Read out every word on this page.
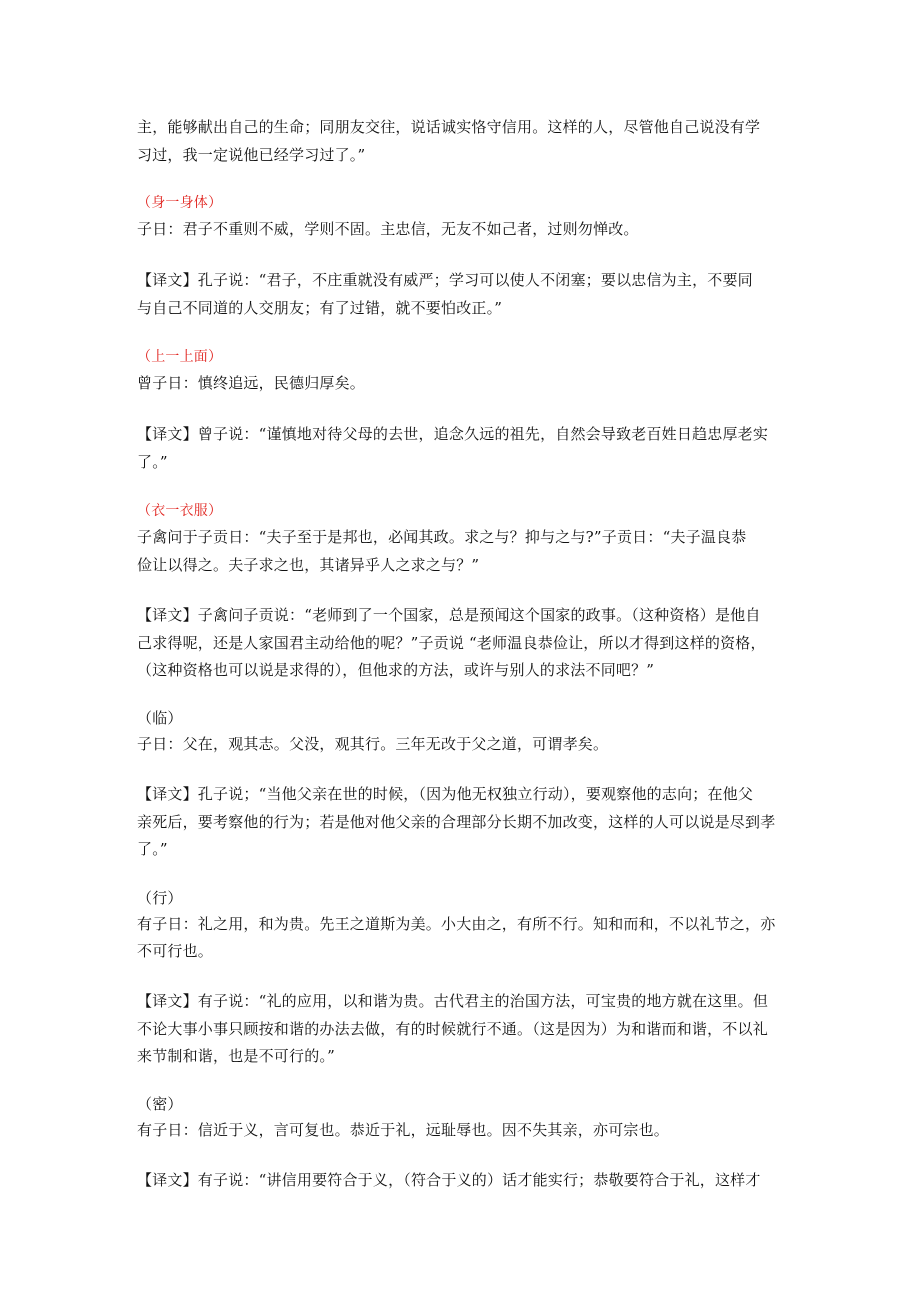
主，能够献出自己的生命；同朋友交往，说话诚实恪守信用。这样的人，尽管他自己说没有学
习过，我一定说他已经学习过了。”
（身一身体）
子日：君子不重则不威，学则不固。主忠信，无友不如己者，过则勿惮改。
【译文】孔子说：“君子，不庄重就没有威严；学习可以使人不闭塞；要以忠信为主，不要同
与自己不同道的人交朋友；有了过错，就不要怕改正。”
（上一上面）
曾子日：慎终追远，民德归厚矣。
【译文】曾子说：“谨慎地对待父母的去世，追念久远的祖先，自然会导致老百姓日趋忠厚老实
了。”
（衣一衣服）
子禽问于子贡日：“夫子至于是邦也，必闻其政。求之与？抑与之与?”子贡日：“夫子温良恭
俭让以得之。夫子求之也，其诸异乎人之求之与？”
【译文】子禽问子贡说：“老师到了一个国家，总是预闻这个国家的政事。（这种资格）是他自
己求得呢，还是人家国君主动给他的呢？”子贡说 “老师温良恭俭让，所以才得到这样的资格，
（这种资格也可以说是求得的），但他求的方法，或许与别人的求法不同吧？”
（临）
子日：父在，观其志。父没，观其行。三年无改于父之道，可谓孝矣。
【译文】孔子说；“当他父亲在世的时候，（因为他无权独立行动），要观察他的志向；在他父
亲死后，要考察他的行为；若是他对他父亲的合理部分长期不加改变，这样的人可以说是尽到孝
了。”
（行）
有子日：礼之用，和为贵。先王之道斯为美。小大由之，有所不行。知和而和，不以礼节之，亦
不可行也。
【译文】有子说：“礼的应用，以和谐为贵。古代君主的治国方法，可宝贵的地方就在这里。但
不论大事小事只顾按和谐的办法去做，有的时候就行不通。（这是因为）为和谐而和谐，不以礼
来节制和谐，也是不可行的。”
（密）
有子日：信近于义，言可复也。恭近于礼，远耻辱也。因不失其亲，亦可宗也。
【译文】有子说：“讲信用要符合于义，（符合于义的）话才能实行；恭敬要符合于礼，这样才
